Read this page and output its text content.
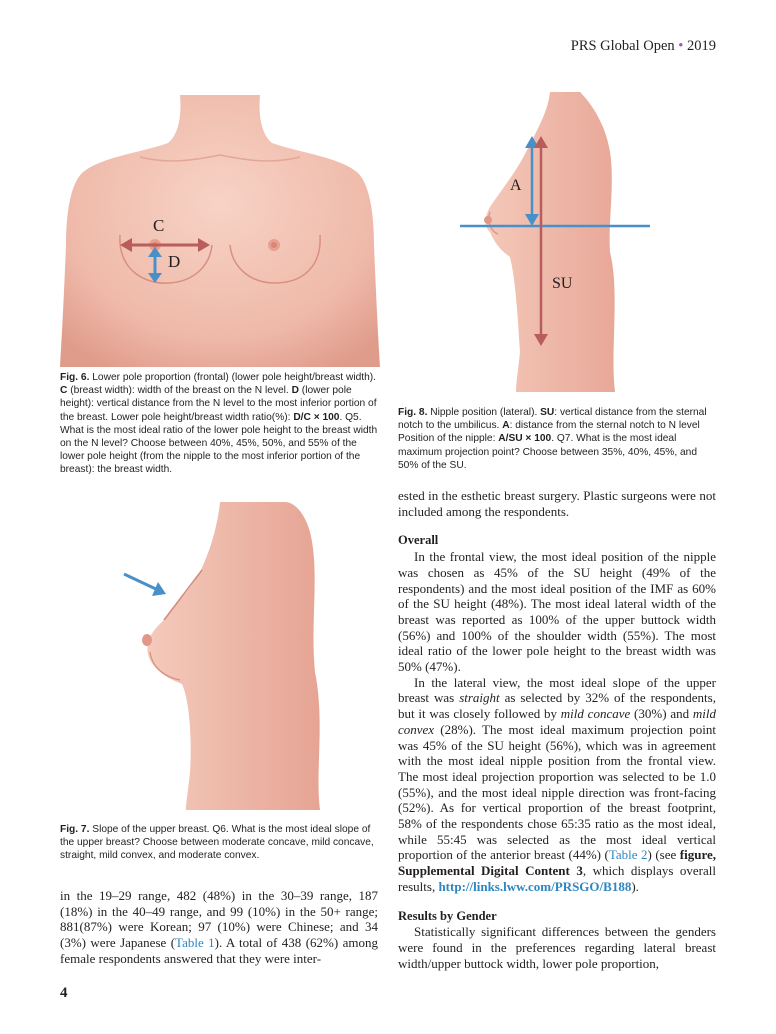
PRS Global Open • 2019
C
D
A
SU
Fig. 6. Lower pole proportion (frontal) (lower pole height/breast width). C (breast width): width of the breast on the N level. D (lower pole height): vertical distance from the N level to the most inferior portion of the breast. Lower pole height/breast width ratio(%): D/C × 100. Q5. What is the most ideal ratio of the lower pole height to the breast width on the N level? Choose between 40%, 45%, 50%, and 55% of the lower pole height (from the nipple to the most inferior portion of the breast): the breast width.
Fig. 8. Nipple position (lateral). SU: vertical distance from the sternal notch to the umbilicus. A: distance from the sternal notch to N level Position of the nipple: A/SU × 100. Q7. What is the most ideal maximum projection point? Choose between 35%, 40%, 45%, and 50% of the SU.
Fig. 7. Slope of the upper breast. Q6. What is the most ideal slope of the upper breast? Choose between moderate concave, mild concave, straight, mild convex, and moderate convex.

in the 19–29 range, 482 (48%) in the 30–39 range, 187 (18%) in the 40–49 range, and 99 (10%) in the 50+ range; 881(87%) were Korean; 97 (10%) were Chinese; and 34 (3%) were Japanese (Table 1). A total of 438 (62%) among female respondents answered that they were inter-

ested in the esthetic breast surgery. Plastic surgeons were not included among the respondents.

Overall

In the frontal view, the most ideal position of the nipple was chosen as 45% of the SU height (49% of the respondents) and the most ideal position of the IMF as 60% of the SU height (48%). The most ideal lateral width of the breast was reported as 100% of the upper buttock width (56%) and 100% of the shoulder width (55%). The most ideal ratio of the lower pole height to the breast width was 50% (47%).

In the lateral view, the most ideal slope of the upper breast was straight as selected by 32% of the respondents, but it was closely followed by mild concave (30%) and mild convex (28%). The most ideal maximum projection point was 45% of the SU height (56%), which was in agreement with the most ideal nipple position from the frontal view. The most ideal projection proportion was selected to be 1.0 (55%), and the most ideal nipple direction was front-facing (52%). As for vertical proportion of the breast footprint, 58% of the respondents chose 65:35 ratio as the most ideal, while 55:45 was selected as the most ideal vertical proportion of the anterior breast (44%) (Table 2) (see figure, Supplemental Digital Content 3, which displays overall results, http://links.lww.com/PRSGO/B188).

Results by Gender

Statistically significant differences between the genders were found in the preferences regarding lateral breast width/upper buttock width, lower pole proportion,

4
